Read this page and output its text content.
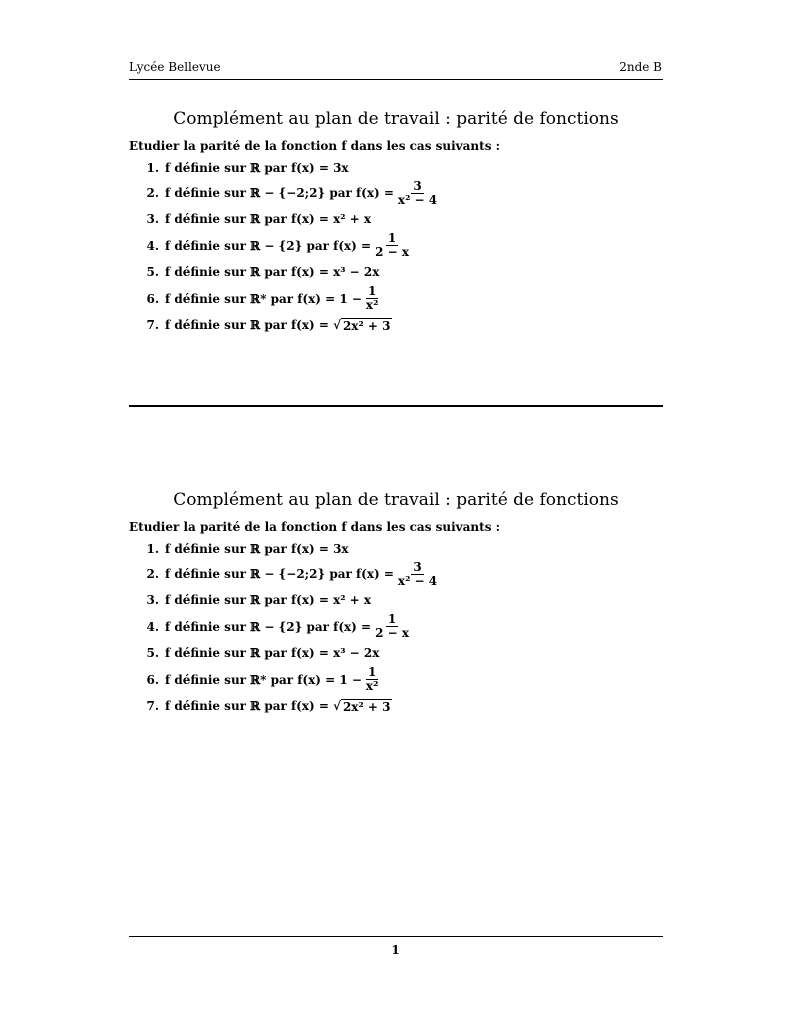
Lycée Bellevue	2nde B
Complément au plan de travail : parité de fonctions
Etudier la parité de la fonction f dans les cas suivants :
1. f définie sur ℝ par f(x) = 3x
2. f définie sur ℝ − {−2;2} par $f(x) = \frac{3}{\text{x² − 4}}$
3. f définie sur ℝ par f(x) = x² + x
4. f définie sur ℝ − {2} par $f(x) = \frac{1}{2 - x}$
5. f définie sur ℝ par f(x) = x³ − 2x
6. f définie sur ℝ* par $f(x) = 1 - \frac{1}{\text{x²}}$
7. f définie sur ℝ par f(x) = √ 2x² + 3
Complément au plan de travail : parité de fonctions
Etudier la parité de la fonction f dans les cas suivants :
1. f définie sur ℝ par f(x) = 3x
2. f définie sur ℝ − {−2;2} par $f(x) = \frac{3}{\text{x² − 4}}$
3. f définie sur ℝ par f(x) = x² + x
4. f définie sur ℝ − {2} par $f(x) = \frac{1}{2 - x}$
5. f définie sur ℝ par f(x) = x³ − 2x
6. f définie sur ℝ* par $f(x) = 1 - \frac{1}{\text{x²}}$
7. f définie sur ℝ par f(x) = √ 2x² + 3
1
